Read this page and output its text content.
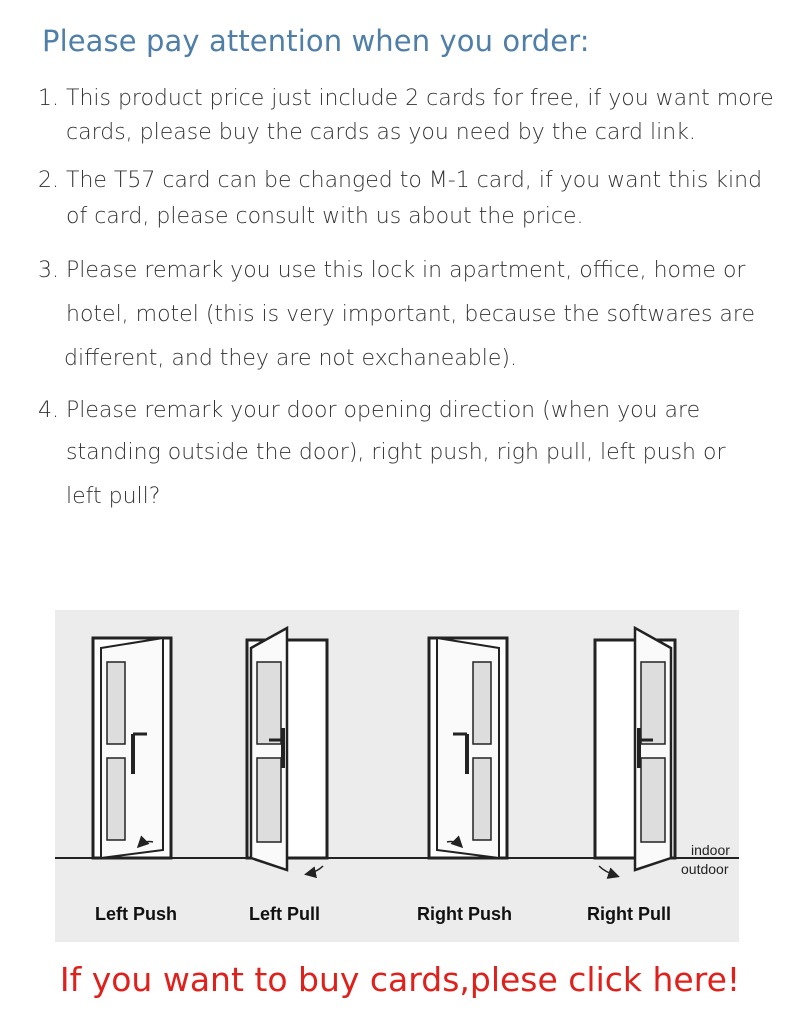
Please pay attention when you order:
1. This product price just include 2 cards for free, if you want more
cards, please buy the cards as you need by the card link.
2. The T57 card can be changed to M-1 card, if you want this kind
of card, please consult with us about the price.
3. Please remark you use this lock in apartment, office, home or
hotel, motel (this is very important, because the softwares are
different, and they are not exchaneable).
4. Please remark your door opening direction (when you are
standing outside the door), right push, righ pull, left push or
left pull?
indoor
outdoor
Left Push	Left Pull	Right Push	Right Pull
If you want to buy cards,plese click here!
